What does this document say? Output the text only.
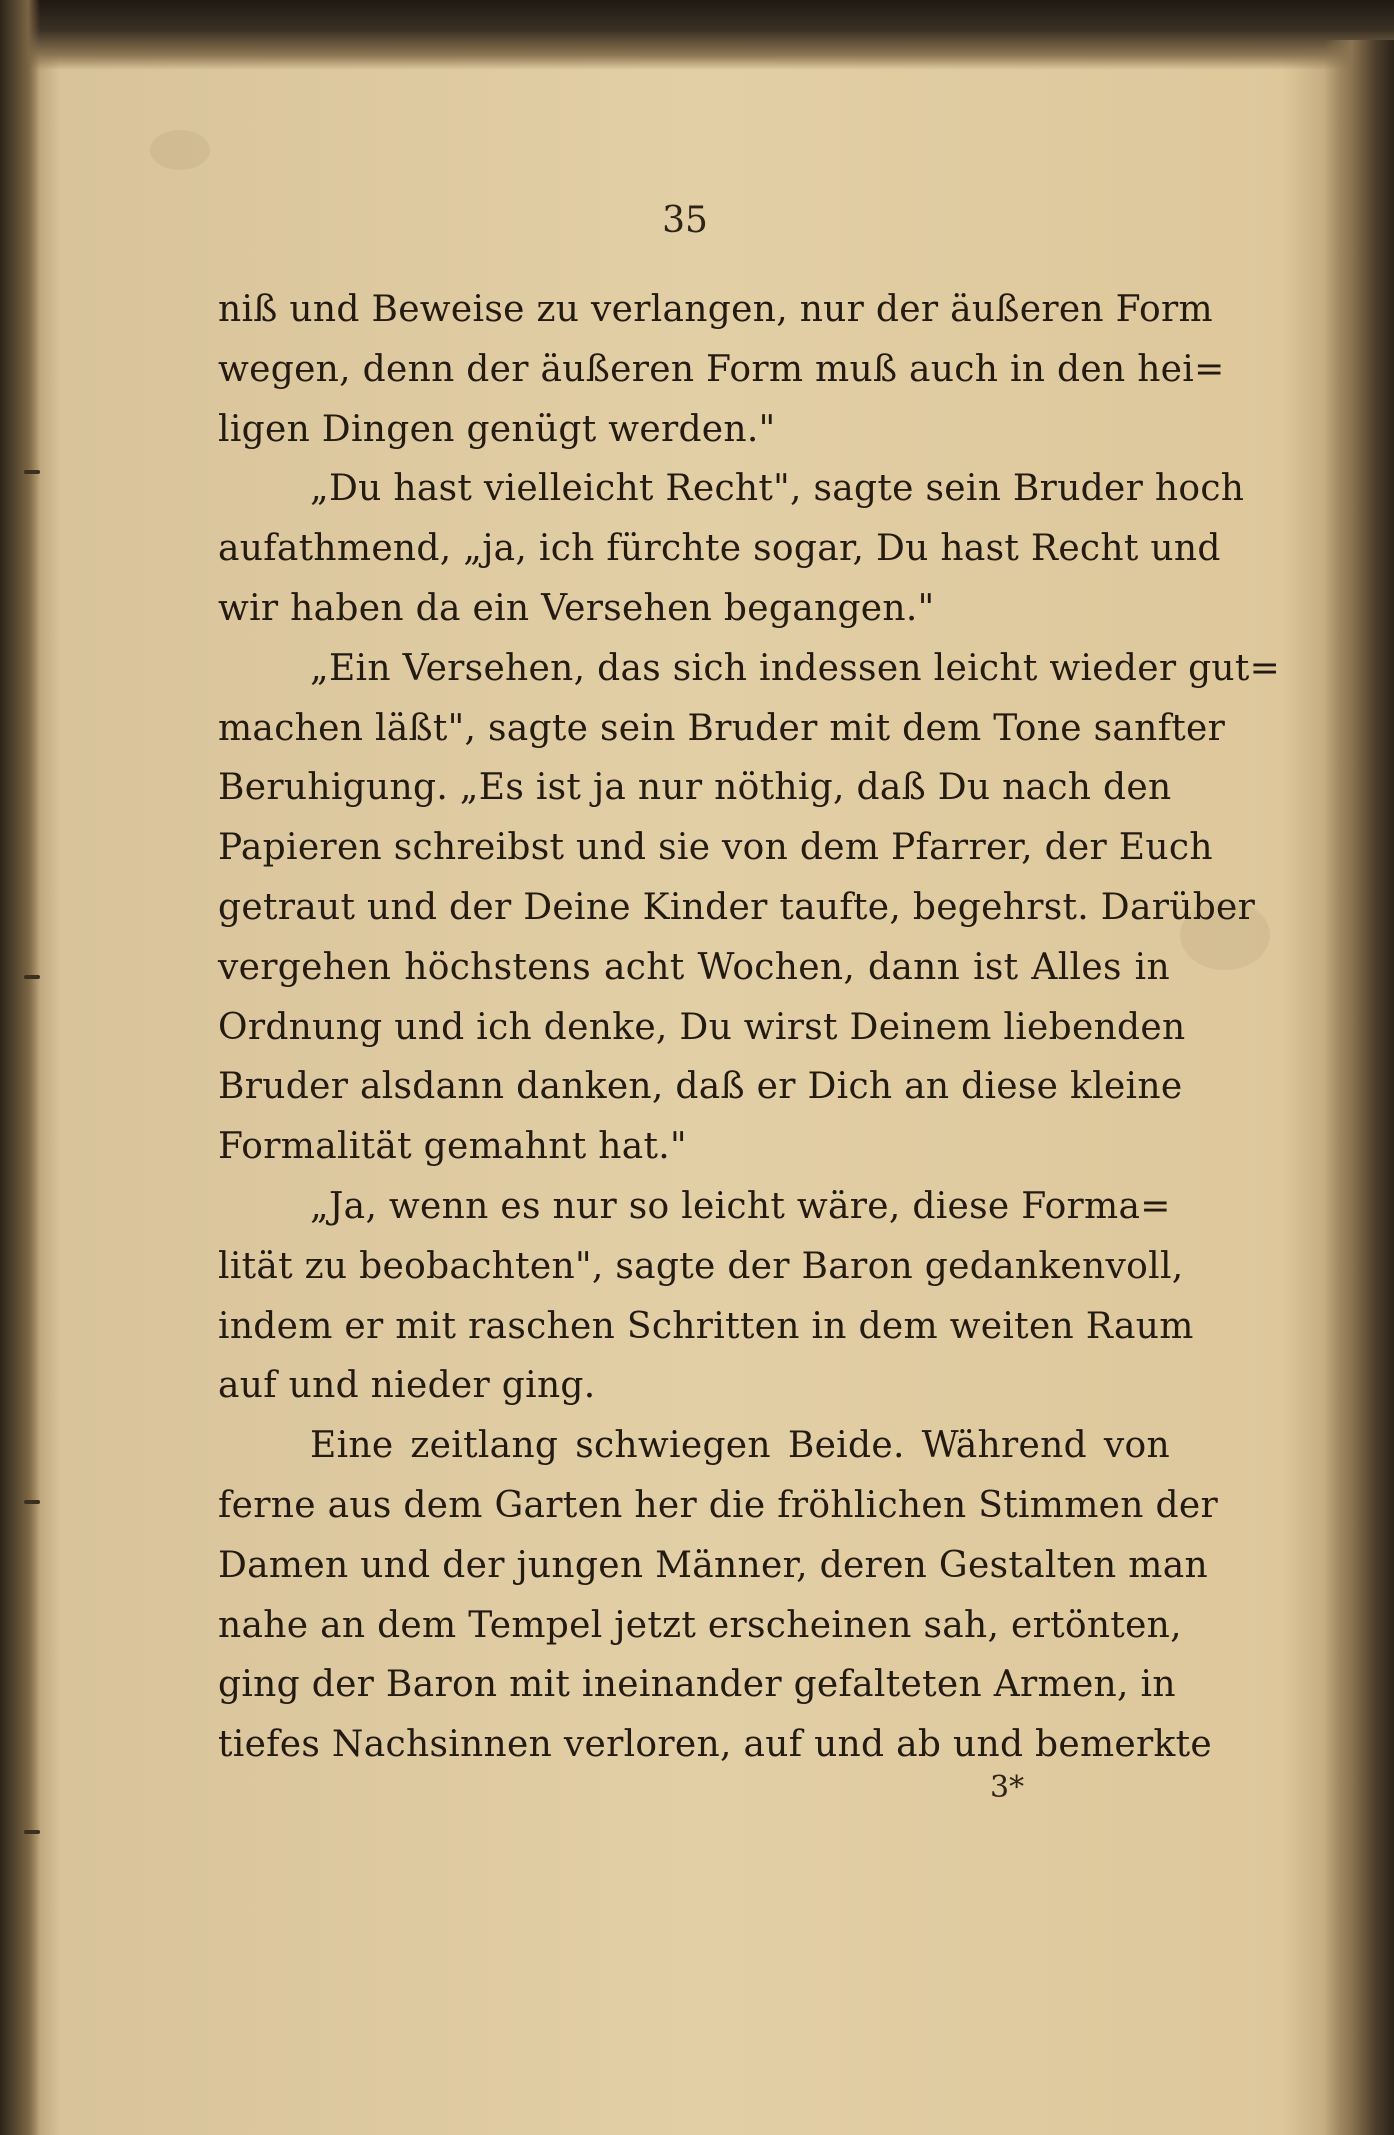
35
niß und Beweise zu verlangen, nur der äußeren Form
wegen, denn der äußeren Form muß auch in den hei=
ligen Dingen genügt werden."
„Du hast vielleicht Recht", sagte sein Bruder hoch
aufathmend, „ja, ich fürchte sogar, Du hast Recht und
wir haben da ein Versehen begangen."
„Ein Versehen, das sich indessen leicht wieder gut=
machen läßt", sagte sein Bruder mit dem Tone sanfter
Beruhigung. „Es ist ja nur nöthig, daß Du nach den
Papieren schreibst und sie von dem Pfarrer, der Euch
getraut und der Deine Kinder taufte, begehrst. Darüber
vergehen höchstens acht Wochen, dann ist Alles in
Ordnung und ich denke, Du wirst Deinem liebenden
Bruder alsdann danken, daß er Dich an diese kleine
Formalität gemahnt hat."
„Ja, wenn es nur so leicht wäre, diese Forma=
lität zu beobachten", sagte der Baron gedankenvoll,
indem er mit raschen Schritten in dem weiten Raum
auf und nieder ging.
Eine zeitlang schwiegen Beide. Während von
ferne aus dem Garten her die fröhlichen Stimmen der
Damen und der jungen Männer, deren Gestalten man
nahe an dem Tempel jetzt erscheinen sah, ertönten,
ging der Baron mit ineinander gefalteten Armen, in
tiefes Nachsinnen verloren, auf und ab und bemerkte
3*
